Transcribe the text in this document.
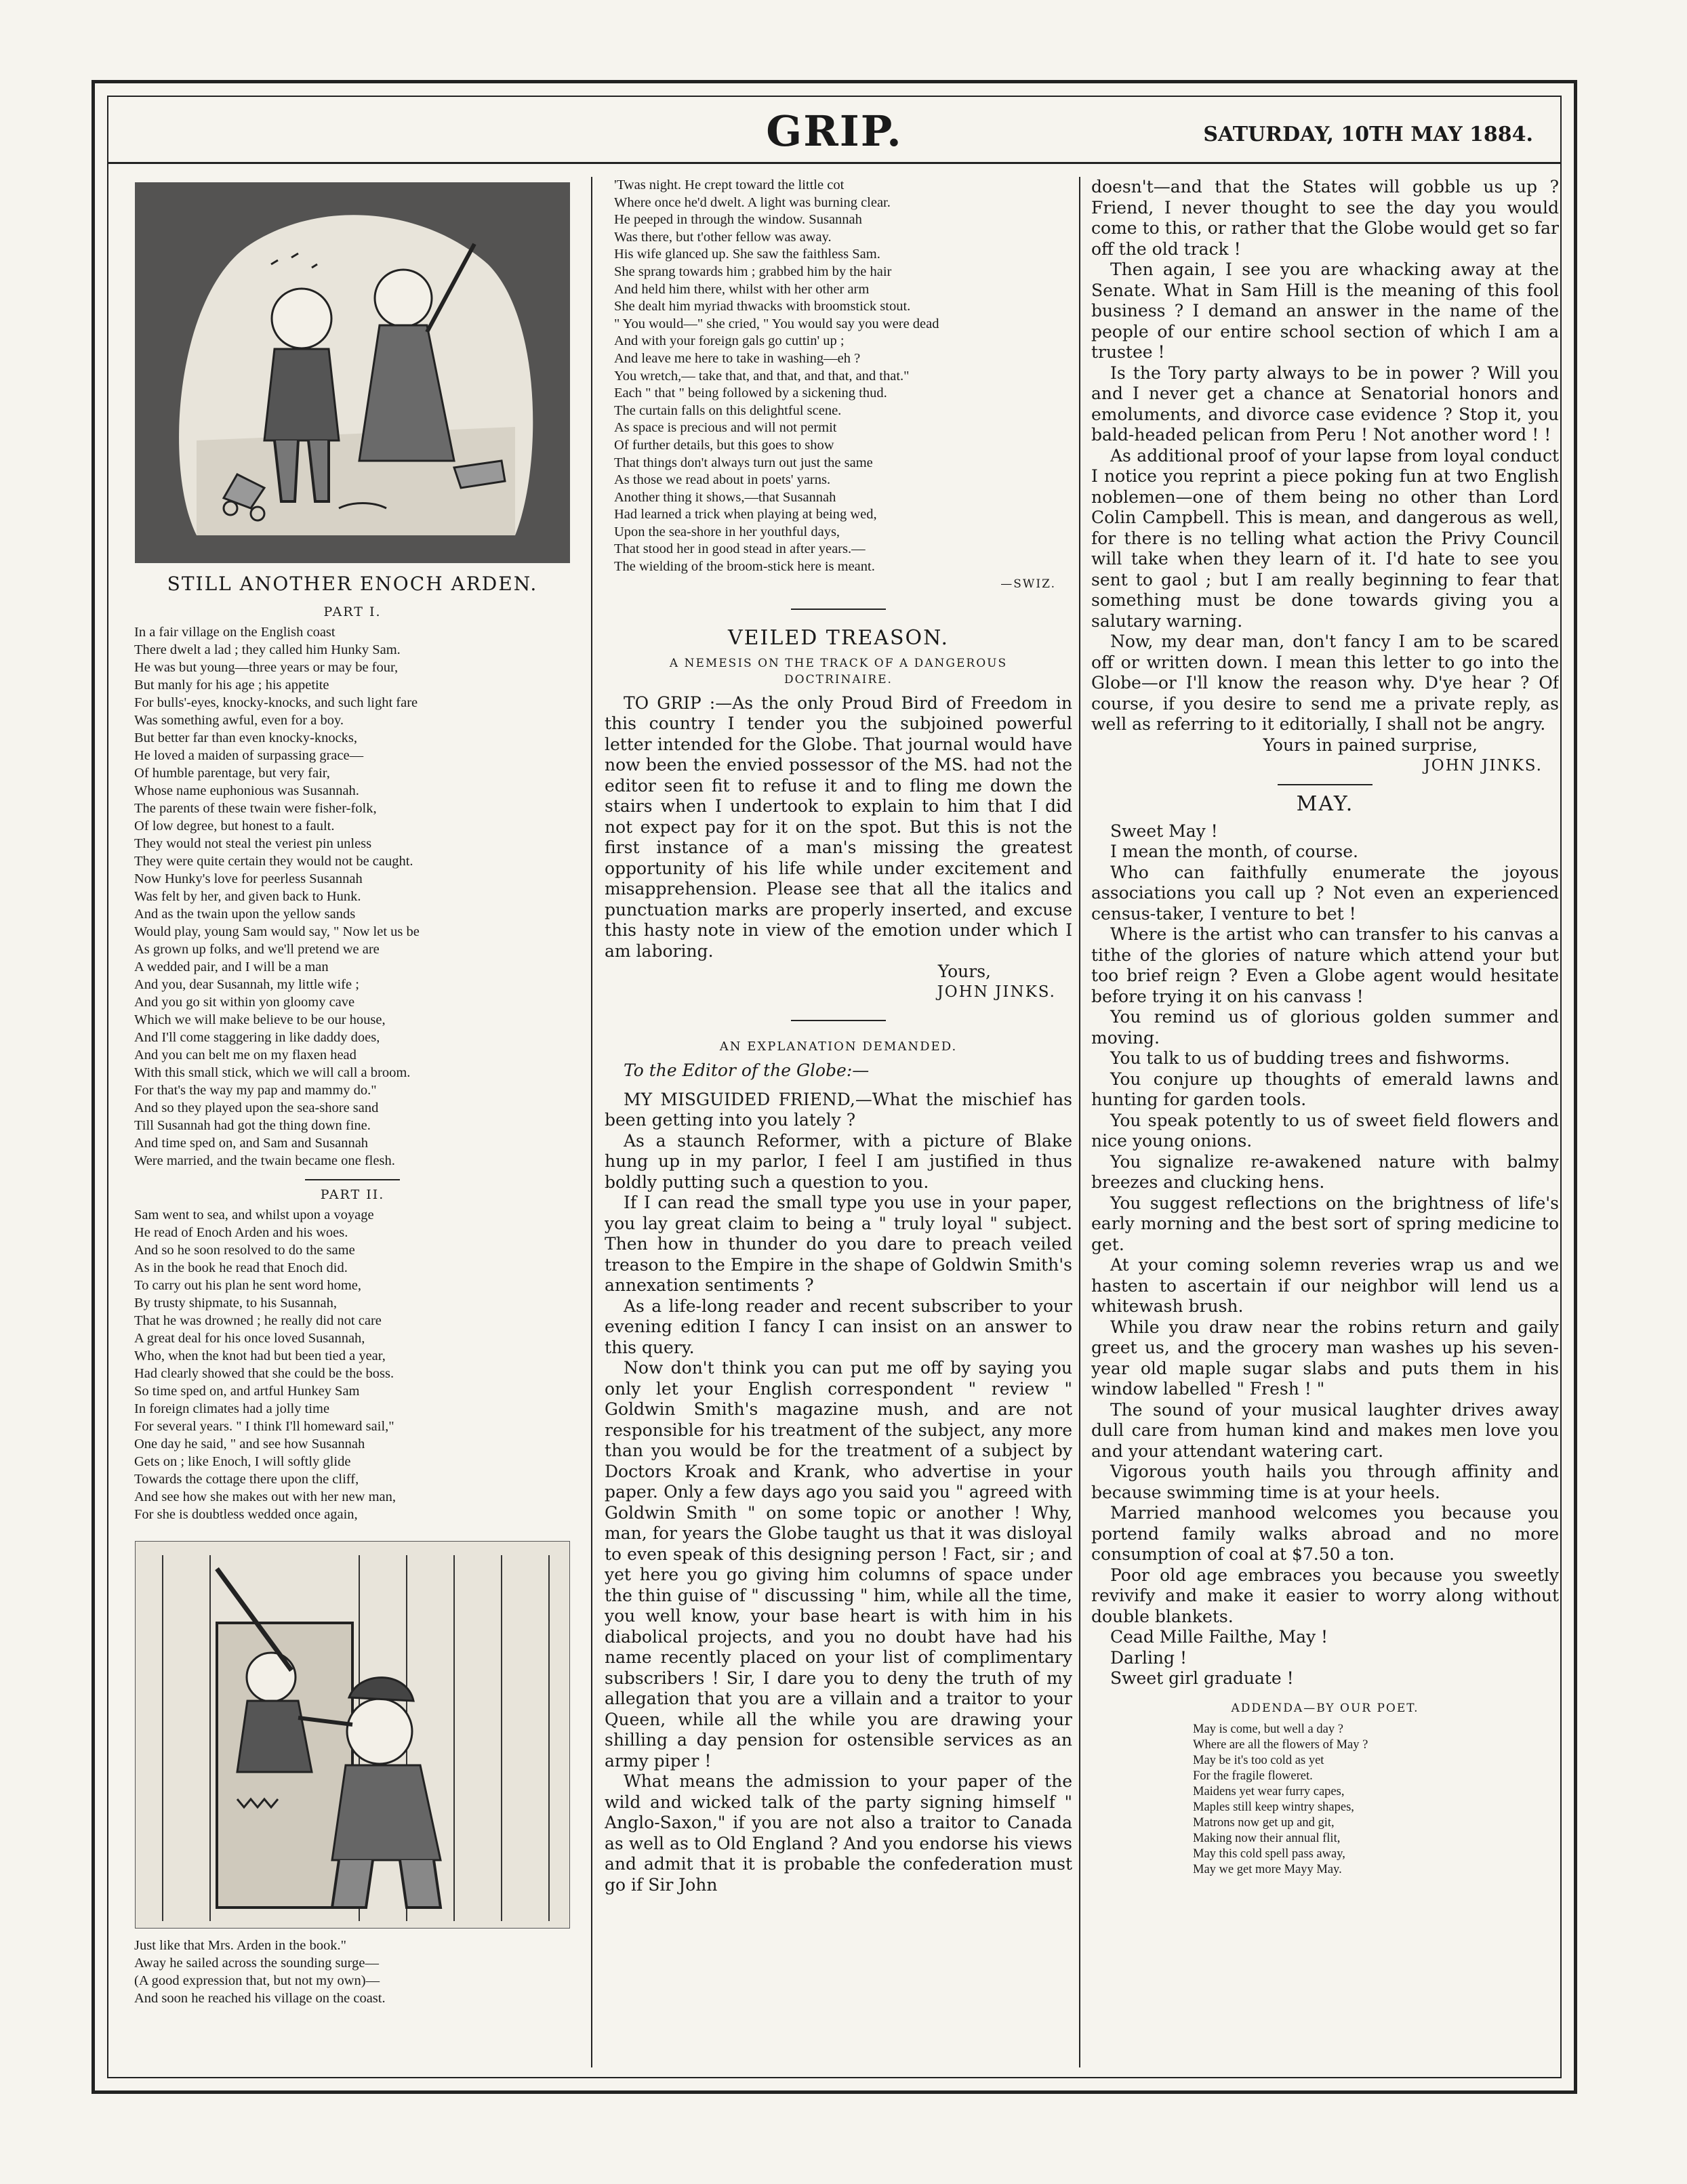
GRIP.	SATURDAY, 10TH MAY 1884.
STILL ANOTHER ENOCH ARDEN.
PART I.
In a fair village on the English coast
There dwelt a lad ; they called him Hunky Sam.
He was but young—three years or may be four,
But manly for his age ; his appetite
For bulls'-eyes, knocky-knocks, and such light fare
Was something awful, even for a boy.
But better far than even knocky-knocks,
He loved a maiden of surpassing grace—
Of humble parentage, but very fair,
Whose name euphonious was Susannah.
The parents of these twain were fisher-folk,
Of low degree, but honest to a fault.
They would not steal the veriest pin unless
They were quite certain they would not be caught.
Now Hunky's love for peerless Susannah
Was felt by her, and given back to Hunk.
And as the twain upon the yellow sands
Would play, young Sam would say, " Now let us be
As grown up folks, and we'll pretend we are
A wedded pair, and I will be a man
And you, dear Susannah, my little wife ;
And you go sit within yon gloomy cave
Which we will make believe to be our house,
And I'll come staggering in like daddy does,
And you can belt me on my flaxen head
With this small stick, which we will call a broom.
For that's the way my pap and mammy do."
And so they played upon the sea-shore sand
Till Susannah had got the thing down fine.
And time sped on, and Sam and Susannah
Were married, and the twain became one flesh.
PART II.
Sam went to sea, and whilst upon a voyage
He read of Enoch Arden and his woes.
And so he soon resolved to do the same
As in the book he read that Enoch did.
To carry out his plan he sent word home,
By trusty shipmate, to his Susannah,
That he was drowned ; he really did not care
A great deal for his once loved Susannah,
Who, when the knot had but been tied a year,
Had clearly showed that she could be the boss.
So time sped on, and artful Hunkey Sam
In foreign climates had a jolly time
For several years. " I think I'll homeward sail,"
One day he said, " and see how Susannah
Gets on ; like Enoch, I will softly glide
Towards the cottage there upon the cliff,
And see how she makes out with her new man,
For she is doubtless wedded once again,
Just like that Mrs. Arden in the book."
Away he sailed across the sounding surge—
(A good expression that, but not my own)—
And soon he reached his village on the coast.
'Twas night. He crept toward the little cot
Where once he'd dwelt. A light was burning clear.
He peeped in through the window. Susannah
Was there, but t'other fellow was away.
His wife glanced up. She saw the faithless Sam.
She sprang towards him ; grabbed him by the hair
And held him there, whilst with her other arm
She dealt him myriad thwacks with broomstick stout.
" You would—" she cried, " You would say you were dead
And with your foreign gals go cuttin' up ;
And leave me here to take in washing—eh ?
You wretch,— take that, and that, and that, and that."
Each " that " being followed by a sickening thud.
The curtain falls on this delightful scene.
As space is precious and will not permit
Of further details, but this goes to show
That things don't always turn out just the same
As those we read about in poets' yarns.
Another thing it shows,—that Susannah
Had learned a trick when playing at being wed,
Upon the sea-shore in her youthful days,
That stood her in good stead in after years.—
The wielding of the broom-stick here is meant.
—SWIZ.
VEILED TREASON.
A NEMESIS ON THE TRACK OF A DANGEROUS DOCTRINAIRE.

TO GRIP :—As the only Proud Bird of Freedom in this country I tender you the subjoined powerful letter intended for the Globe. That journal would have now been the envied possessor of the MS. had not the editor seen fit to refuse it and to fling me down the stairs when I undertook to explain to him that I did not expect pay for it on the spot. But this is not the first instance of a man's missing the greatest opportunity of his life while under excitement and misapprehension. Please see that all the italics and punctuation marks are properly inserted, and excuse this hasty note in view of the emotion under which I am laboring.

Yours,
JOHN JINKS.
AN EXPLANATION DEMANDED.

To the Editor of the Globe:—

MY MISGUIDED FRIEND,—What the mischief has been getting into you lately ?

As a staunch Reformer, with a picture of Blake hung up in my parlor, I feel I am justified in thus boldly putting such a question to you.

If I can read the small type you use in your paper, you lay great claim to being a " truly loyal " subject. Then how in thunder do you dare to preach veiled treason to the Empire in the shape of Goldwin Smith's annexation sentiments ?

As a life-long reader and recent subscriber to your evening edition I fancy I can insist on an answer to this query.

Now don't think you can put me off by saying you only let your English correspondent " review " Goldwin Smith's magazine mush, and are not responsible for his treatment of the subject, any more than you would be for the treatment of a subject by Doctors Kroak and Krank, who advertise in your paper. Only a few days ago you said you " agreed with Goldwin Smith " on some topic or another ! Why, man, for years the Globe taught us that it was disloyal to even speak of this designing person ! Fact, sir ; and yet here you go giving him columns of space under the thin guise of " discussing " him, while all the time, you well know, your base heart is with him in his diabolical projects, and you no doubt have had his name recently placed on your list of complimentary subscribers ! Sir, I dare you to deny the truth of my allegation that you are a villain and a traitor to your Queen, while all the while you are drawing your shilling a day pension for ostensible services as an army piper !

What means the admission to your paper of the wild and wicked talk of the party signing himself " Anglo-Saxon," if you are not also a traitor to Canada as well as to Old England ? And you endorse his views and admit that it is probable the confederation must go if Sir John

doesn't—and that the States will gobble us up ? Friend, I never thought to see the day you would come to this, or rather that the Globe would get so far off the old track !

Then again, I see you are whacking away at the Senate. What in Sam Hill is the meaning of this fool business ? I demand an answer in the name of the people of our entire school section of which I am a trustee !

Is the Tory party always to be in power ? Will you and I never get a chance at Senatorial honors and emoluments, and divorce case evidence ? Stop it, you bald-headed pelican from Peru ! Not another word ! !

As additional proof of your lapse from loyal conduct I notice you reprint a piece poking fun at two English noblemen—one of them being no other than Lord Colin Campbell. This is mean, and dangerous as well, for there is no telling what action the Privy Council will take when they learn of it. I'd hate to see you sent to gaol ; but I am really beginning to fear that something must be done towards giving you a salutary warning.

Now, my dear man, don't fancy I am to be scared off or written down. I mean this letter to go into the Globe—or I'll know the reason why. D'ye hear ? Of course, if you desire to send me a private reply, as well as referring to it editorially, I shall not be angry.

Yours in pained surprise,
JOHN JINKS.
MAY.

Sweet May !

I mean the month, of course.

Who can faithfully enumerate the joyous associations you call up ? Not even an experienced census-taker, I venture to bet !

Where is the artist who can transfer to his canvas a tithe of the glories of nature which attend your but too brief reign ? Even a Globe agent would hesitate before trying it on his canvass !

You remind us of glorious golden summer and moving.

You talk to us of budding trees and fishworms.

You conjure up thoughts of emerald lawns and hunting for garden tools.

You speak potently to us of sweet field flowers and nice young onions.

You signalize re-awakened nature with balmy breezes and clucking hens.

You suggest reflections on the brightness of life's early morning and the best sort of spring medicine to get.

At your coming solemn reveries wrap us and we hasten to ascertain if our neighbor will lend us a whitewash brush.

While you draw near the robins return and gaily greet us, and the grocery man washes up his seven-year old maple sugar slabs and puts them in his window labelled " Fresh ! "

The sound of your musical laughter drives away dull care from human kind and makes men love you and your attendant watering cart.

Vigorous youth hails you through affinity and because swimming time is at your heels.

Married manhood welcomes you because you portend family walks abroad and no more consumption of coal at $7.50 a ton.

Poor old age embraces you because you sweetly revivify and make it easier to worry along without double blankets.

Cead Mille Failthe, May !

Darling !

Sweet girl graduate !

ADDENDA—BY OUR POET.
May is come, but well a day ?
Where are all the flowers of May ?
May be it's too cold as yet
For the fragile floweret.
Maidens yet wear furry capes,
Maples still keep wintry shapes,
Matrons now get up and git,
Making now their annual flit,
May this cold spell pass away,
May we get more Mayy May.
